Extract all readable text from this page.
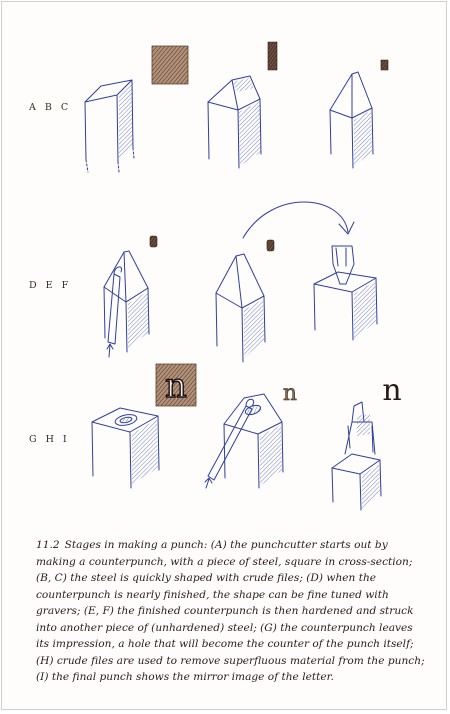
A B C
D E F
G H I
n	n	n

11.2 Stages in making a punch: (A) the punchcutter starts out by making a counterpunch, with a piece of steel, square in cross-section; (B, C) the steel is quickly shaped with crude files; (D) when the counterpunch is nearly finished, the shape can be fine tuned with gravers; (E, F) the finished counterpunch is then hardened and struck into another piece of (unhardened) steel; (G) the counterpunch leaves its impression, a hole that will become the counter of the punch itself; (H) crude files are used to remove superfluous material from the punch; (I) the final punch shows the mirror image of the letter.
